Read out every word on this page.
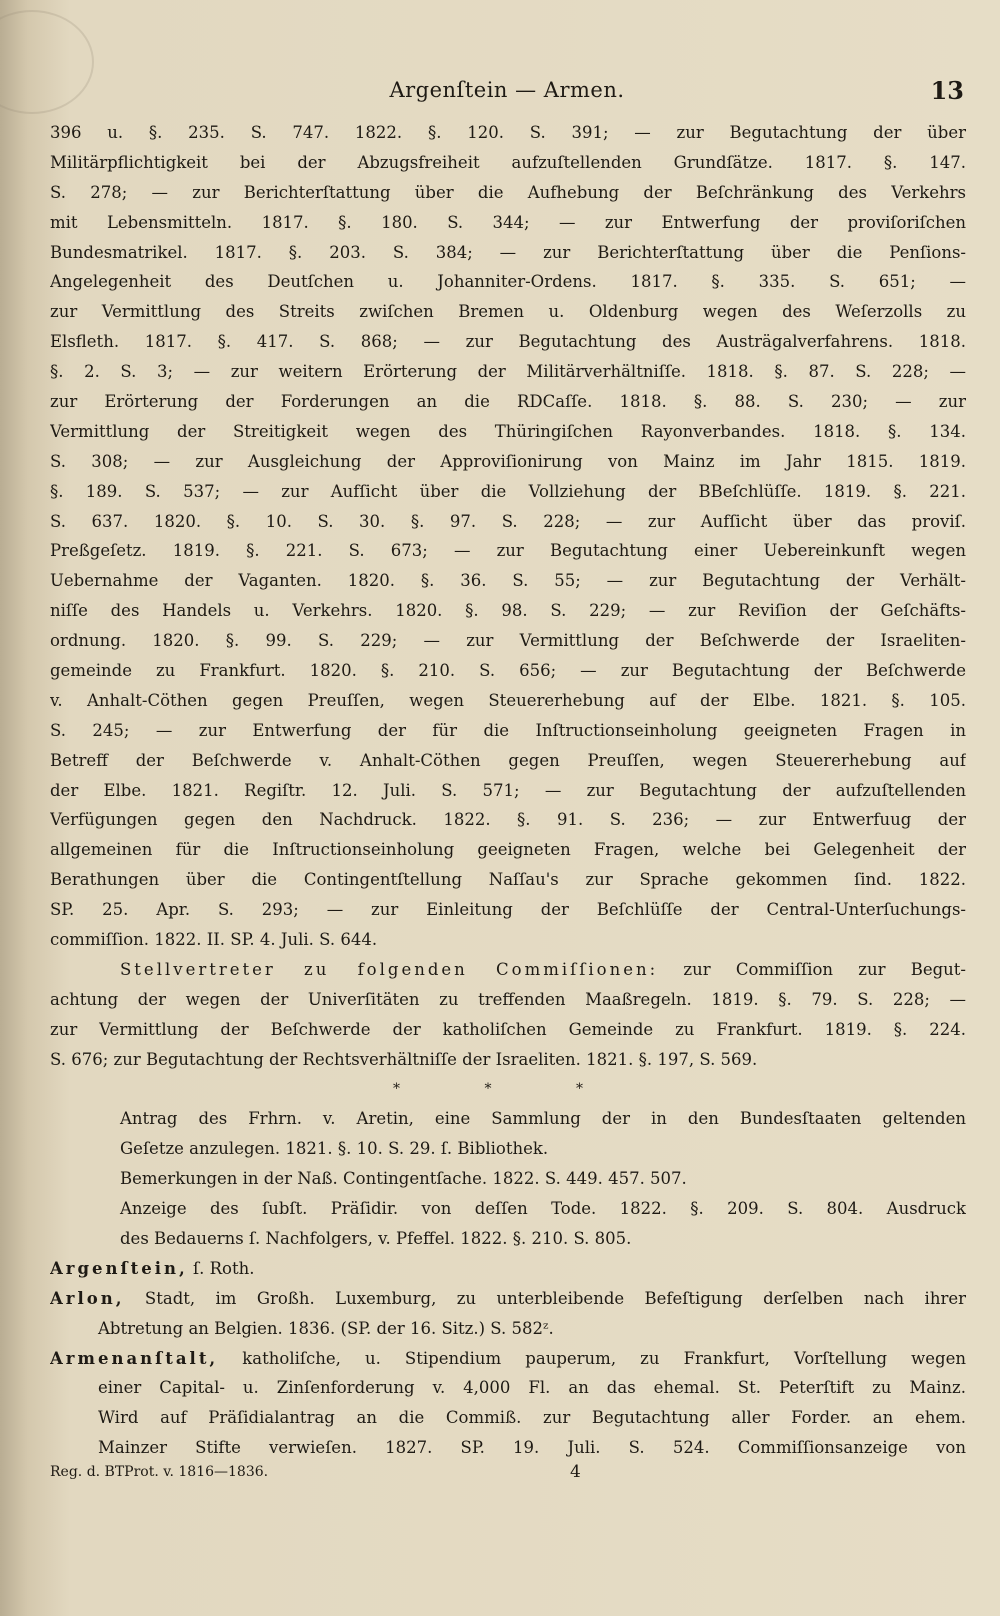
Argenſtein — Armen.	13
396 u. §. 235. S. 747. 1822. §. 120. S. 391; — zur Begutachtung der über
Militärpflichtigkeit bei der Abzugsfreiheit aufzuſtellenden Grundſätze. 1817. §. 147.
S. 278; — zur Berichterſtattung über die Aufhebung der Beſchränkung des Verkehrs
mit Lebensmitteln. 1817. §. 180. S. 344; — zur Entwerfung der proviſoriſchen
Bundesmatrikel. 1817. §. 203. S. 384; — zur Berichterſtattung über die Penſions-
Angelegenheit des Deutſchen u. Johanniter-Ordens. 1817. §. 335. S. 651; —
zur Vermittlung des Streits zwiſchen Bremen u. Oldenburg wegen des Weſerzolls zu
Elsfleth. 1817. §. 417. S. 868; — zur Begutachtung des Austrägalverfahrens. 1818.
§. 2. S. 3; — zur weitern Erörterung der Militärverhältniſſe. 1818. §. 87. S. 228; —
zur Erörterung der Forderungen an die RDCaſſe. 1818. §. 88. S. 230; — zur
Vermittlung der Streitigkeit wegen des Thüringiſchen Rayonverbandes. 1818. §. 134.
S. 308; — zur Ausgleichung der Approviſionirung von Mainz im Jahr 1815. 1819.
§. 189. S. 537; — zur Aufſicht über die Vollziehung der BBeſchlüſſe. 1819. §. 221.
S. 637. 1820. §. 10. S. 30. §. 97. S. 228; — zur Aufſicht über das proviſ.
Preßgeſetz. 1819. §. 221. S. 673; — zur Begutachtung einer Uebereinkunft wegen
Uebernahme der Vaganten. 1820. §. 36. S. 55; — zur Begutachtung der Verhält-
niſſe des Handels u. Verkehrs. 1820. §. 98. S. 229; — zur Reviſion der Geſchäfts-
ordnung. 1820. §. 99. S. 229; — zur Vermittlung der Beſchwerde der Israeliten-
gemeinde zu Frankfurt. 1820. §. 210. S. 656; — zur Begutachtung der Beſchwerde
v. Anhalt-Cöthen gegen Preuſſen, wegen Steuererhebung auf der Elbe. 1821. §. 105.
S. 245; — zur Entwerfung der für die Inſtructionseinholung geeigneten Fragen in
Betreff der Beſchwerde v. Anhalt-Cöthen gegen Preuſſen, wegen Steuererhebung auf
der Elbe. 1821. Regiſtr. 12. Juli. S. 571; — zur Begutachtung der aufzuſtellenden
Verfügungen gegen den Nachdruck. 1822. §. 91. S. 236; — zur Entwerfuug der
allgemeinen für die Inſtructionseinholung geeigneten Fragen, welche bei Gelegenheit der
Berathungen über die Contingentſtellung Naſſau's zur Sprache gekommen ſind. 1822.
SP. 25. Apr. S. 293; — zur Einleitung der Beſchlüſſe der Central-Unterſuchungs-
commiſſion. 1822. II. SP. 4. Juli. S. 644.
Stellvertreter zu folgenden Commiſſionen: zur Commiſſion zur Begut-
achtung der wegen der Univerſitäten zu treffenden Maaßregeln. 1819. §. 79. S. 228; —
zur Vermittlung der Beſchwerde der katholiſchen Gemeinde zu Frankfurt. 1819. §. 224.
S. 676; zur Begutachtung der Rechtsverhältniſſe der Israeliten. 1821. §. 197, S. 569.
* * *
Antrag des Frhrn. v. Aretin, eine Sammlung der in den Bundesſtaaten geltenden
Geſetze anzulegen. 1821. §. 10. S. 29. ſ. Bibliothek.
Bemerkungen in der Naß. Contingentſache. 1822. S. 449. 457. 507.
Anzeige des ſubſt. Präſidir. von deſſen Tode. 1822. §. 209. S. 804. Ausdruck
des Bedauerns ſ. Nachfolgers, v. Pfeffel. 1822. §. 210. S. 805.
Argenſtein, ſ. Roth.
Arlon, Stadt, im Großh. Luxemburg, zu unterbleibende Befeſtigung derſelben nach ihrer
Abtretung an Belgien. 1836. (SP. der 16. Sitz.) S. 582ᶻ.
Armenanſtalt, katholiſche, u. Stipendium pauperum, zu Frankfurt, Vorſtellung wegen
einer Capital- u. Zinſenforderung v. 4,000 Fl. an das ehemal. St. Peterſtift zu Mainz.
Wird auf Präſidialantrag an die Commiß. zur Begutachtung aller Forder. an ehem.
Mainzer Stifte verwieſen. 1827. SP. 19. Juli. S. 524. Commiſſionsanzeige von
Reg. d. BTProt. v. 1816—1836.	4
